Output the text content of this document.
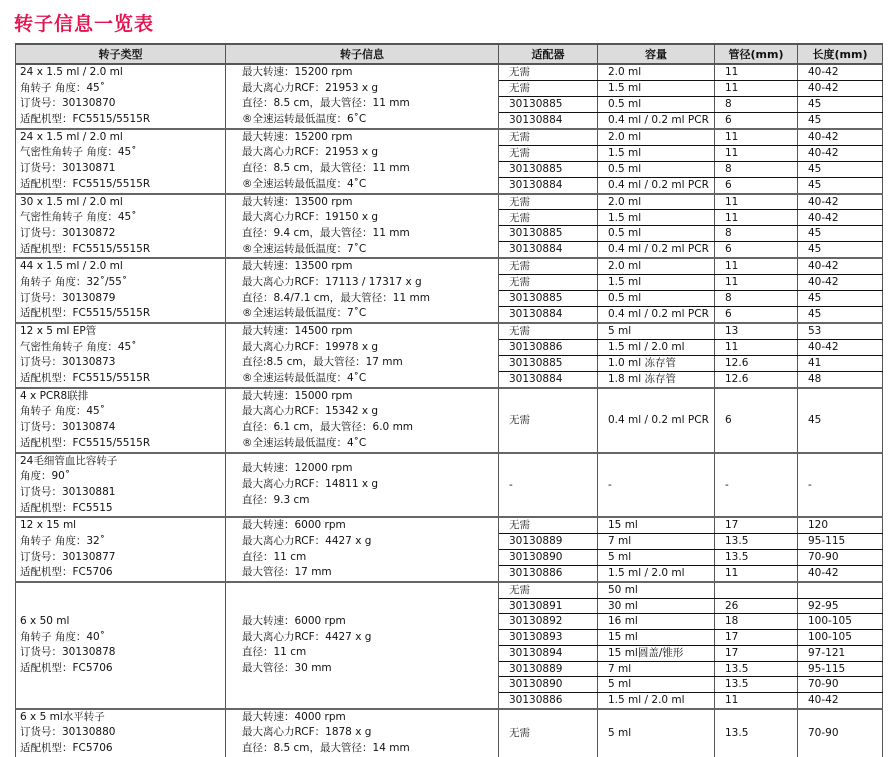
转子信息一览表
转子类型	转子信息	适配器	容量	管径(mm)	长度(mm)

24 x 1.5 ml / 2.0 ml
角转子 角度：45˚
订货号：30130870
适配机型：FC5515/5515R	最大转速：15200 rpm
最大离心力RCF：21953 x g
直径：8.5 cm，最大管径：11 mm
®全速运转最低温度：6˚C	无需	2.0 ml	11	40-42
		无需	1.5 ml	11	40-42
		30130885	0.5 ml	8	45
		30130884	0.4 ml / 0.2 ml PCR	6	45

24 x 1.5 ml / 2.0 ml
气密性角转子 角度：45˚
订货号：30130871
适配机型：FC5515/5515R	最大转速：15200 rpm
最大离心力RCF：21953 x g
直径：8.5 cm，最大管径：11 mm
®全速运转最低温度：4˚C	无需	2.0 ml	11	40-42
		无需	1.5 ml	11	40-42
		30130885	0.5 ml	8	45
		30130884	0.4 ml / 0.2 ml PCR	6	45

30 x 1.5 ml / 2.0 ml
气密性角转子 角度：45˚
订货号：30130872
适配机型：FC5515/5515R	最大转速：13500 rpm
最大离心力RCF：19150 x g
直径：9.4 cm，最大管径：11 mm
®全速运转最低温度：7˚C	无需	2.0 ml	11	40-42
		无需	1.5 ml	11	40-42
		30130885	0.5 ml	8	45
		30130884	0.4 ml / 0.2 ml PCR	6	45

44 x 1.5 ml / 2.0 ml
角转子 角度：32˚/55˚
订货号：30130879
适配机型：FC5515/5515R	最大转速：13500 rpm
最大离心力RCF：17113 / 17317 x g
直径：8.4/7.1 cm，最大管径：11 mm
®全速运转最低温度：7˚C	无需	2.0 ml	11	40-42
		无需	1.5 ml	11	40-42
		30130885	0.5 ml	8	45
		30130884	0.4 ml / 0.2 ml PCR	6	45

12 x 5 ml EP管
气密性角转子 角度：45˚
订货号：30130873
适配机型：FC5515/5515R	最大转速：14500 rpm
最大离心力RCF：19978 x g
直径:8.5 cm，最大管径：17 mm
®全速运转最低温度：4˚C	无需	5 ml	13	53
		30130886	1.5 ml / 2.0 ml	11	40-42
		30130885	1.0 ml 冻存管	12.6	41
		30130884	1.8 ml 冻存管	12.6	48

4 x PCR8联排
角转子 角度：45˚
订货号：30130874
适配机型：FC5515/5515R	最大转速：15000 rpm
最大离心力RCF：15342 x g
直径：6.1 cm，最大管径：6.0 mm
®全速运转最低温度：4˚C	无需	0.4 ml / 0.2 ml PCR	6	45

24毛细管血比容转子
角度：90˚
订货号：30130881
适配机型：FC5515	最大转速：12000 rpm
最大离心力RCF：14811 x g
直径：9.3 cm	-	-	-	-

12 x 15 ml
角转子 角度：32˚
订货号：30130877
适配机型：FC5706	最大转速：6000 rpm
最大离心力RCF：4427 x g
直径：11 cm
最大管径：17 mm	无需	15 ml	17	120
		30130889	7 ml	13.5	95-115
		30130890	5 ml	13.5	70-90
		30130886	1.5 ml / 2.0 ml	11	40-42

6 x 50 ml
角转子 角度：40˚
订货号：30130878
适配机型：FC5706	最大转速：6000 rpm
最大离心力RCF：4427 x g
直径：11 cm
最大管径：30 mm	无需	50 ml		
		30130891	30 ml	26	92-95
		30130892	16 ml	18	100-105
		30130893	15 ml	17	100-105
		30130894	15 ml圆盖/锥形	17	97-121
		30130889	7 ml	13.5	95-115
		30130890	5 ml	13.5	70-90
		30130886	1.5 ml / 2.0 ml	11	40-42

6 x 5 ml水平转子
订货号：30130880
适配机型：FC5706	最大转速：4000 rpm
最大离心力RCF：1878 x g
直径：8.5 cm，最大管径：14 mm	无需	5 ml	13.5	70-90
